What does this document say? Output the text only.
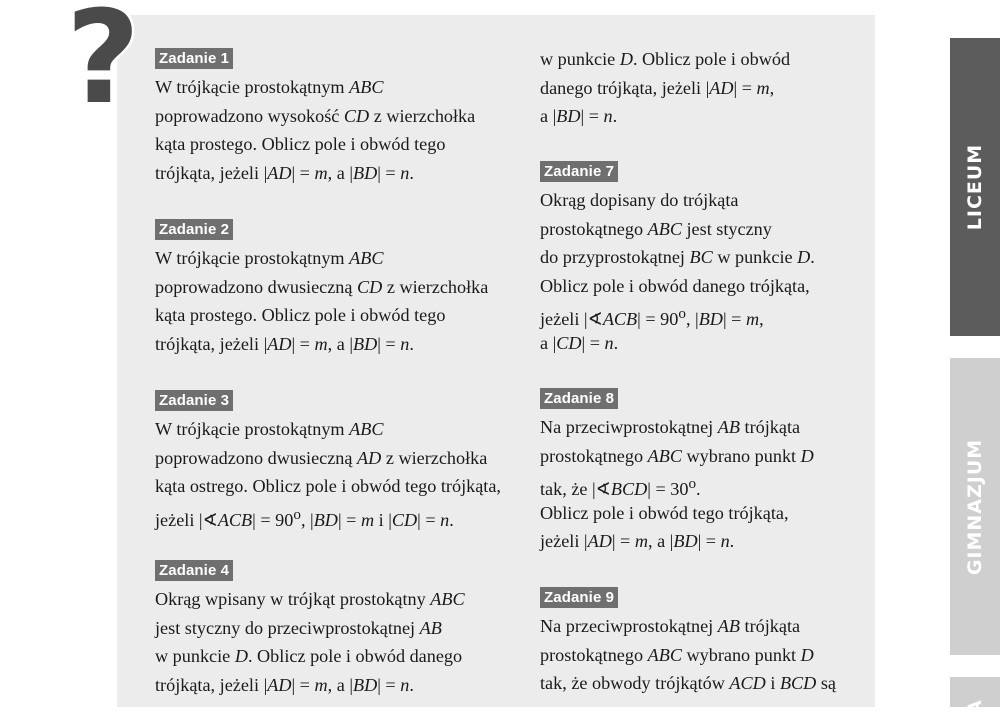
? Zadanie 1
W trójkącie prostokątnym ABC
poprowadzono wysokość CD z wierzchołka
kąta prostego. Oblicz pole i obwód tego
trójkąta, jeżeli |AD| = m, a |BD| = n.
Zadanie 2
W trójkącie prostokątnym ABC
poprowadzono dwusieczną CD z wierzchołka
kąta prostego. Oblicz pole i obwód tego
trójkąta, jeżeli |AD| = m, a |BD| = n.
Zadanie 3
W trójkącie prostokątnym ABC
poprowadzono dwusieczną AD z wierzchołka
kąta ostrego. Oblicz pole i obwód tego trójkąta,
jeżeli |∢ACB| = $90^o$, |BD| = m i |CD| = n.
Zadanie 4
Okrąg wpisany w trójkąt prostokątny ABC
jest styczny do przeciwprostokątnej AB
w punkcie D. Oblicz pole i obwód danego
trójkąta, jeżeli |AD| = m, a |BD| = n.
w punkcie D. Oblicz pole i obwód
danego trójkąta, jeżeli |AD| = m,
a |BD| = n.
Zadanie 7
Okrąg dopisany do trójkąta
prostokątnego ABC jest styczny
do przyprostokątnej BC w punkcie D.
Oblicz pole i obwód danego trójkąta,
jeżeli |∢ACB| = $90^o$, |BD| = m,
a |CD| = n.
Zadanie 8
Na przeciwprostokątnej AB trójkąta
prostokątnego ABC wybrano punkt D
tak, że |∢BCD| = $30^o$.
Oblicz pole i obwód tego trójkąta,
jeżeli |AD| = m, a |BD| = n.
Zadanie 9
Na przeciwprostokątnej AB trójkąta
prostokątnego ABC wybrano punkt D
tak, że obwody trójkątów ACD i BCD są
LICEUM
GIMNAZJUM
A
